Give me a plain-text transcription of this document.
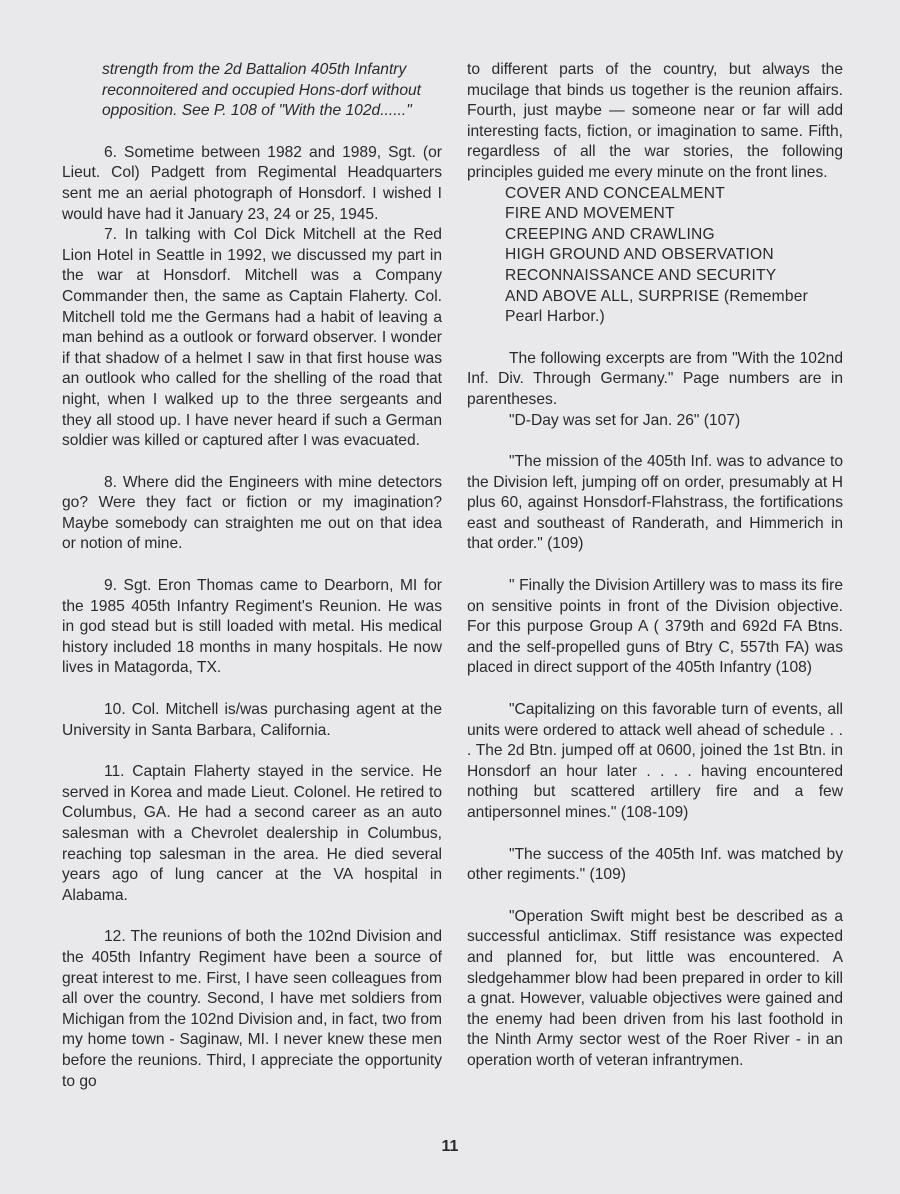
strength from the 2d Battalion 405th Infantry reconnoitered and occupied Hons-dorf without opposition. See P. 108 of "With the 102d......"

6. Sometime between 1982 and 1989, Sgt. (or Lieut. Col) Padgett from Regimental Headquarters sent me an aerial photograph of Honsdorf. I wished I would have had it January 23, 24 or 25, 1945.

7. In talking with Col Dick Mitchell at the Red Lion Hotel in Seattle in 1992, we discussed my part in the war at Honsdorf. Mitchell was a Company Commander then, the same as Captain Flaherty. Col. Mitchell told me the Germans had a habit of leaving a man behind as a outlook or forward observer. I wonder if that shadow of a helmet I saw in that first house was an outlook who called for the shelling of the road that night, when I walked up to the three sergeants and they all stood up. I have never heard if such a German soldier was killed or captured after I was evacuated.

8. Where did the Engineers with mine detectors go? Were they fact or fiction or my imagination? Maybe somebody can straighten me out on that idea or notion of mine.

9. Sgt. Eron Thomas came to Dearborn, MI for the 1985 405th Infantry Regiment's Reunion. He was in god stead but is still loaded with metal. His medical history included 18 months in many hospitals. He now lives in Matagorda, TX.

10. Col. Mitchell is/was purchasing agent at the University in Santa Barbara, California.

11. Captain Flaherty stayed in the service. He served in Korea and made Lieut. Colonel. He retired to Columbus, GA. He had a second career as an auto salesman with a Chevrolet dealership in Columbus, reaching top salesman in the area. He died several years ago of lung cancer at the VA hospital in Alabama.

12. The reunions of both the 102nd Division and the 405th Infantry Regiment have been a source of great interest to me. First, I have seen colleagues from all over the country. Second, I have met soldiers from Michigan from the 102nd Division and, in fact, two from my home town - Saginaw, MI. I never knew these men before the reunions. Third, I appreciate the opportunity to go

to different parts of the country, but always the mucilage that binds us together is the reunion affairs. Fourth, just maybe — someone near or far will add interesting facts, fiction, or imagination to same. Fifth, regardless of all the war stories, the following principles guided me every minute on the front lines.

COVER AND CONCEALMENT
FIRE AND MOVEMENT
CREEPING AND CRAWLING
HIGH GROUND AND OBSERVATION
RECONNAISSANCE AND SECURITY
AND ABOVE ALL, SURPRISE (Remember Pearl Harbor.)

The following excerpts are from "With the 102nd Inf. Div. Through Germany." Page numbers are in parentheses.

"D-Day was set for Jan. 26" (107)

"The mission of the 405th Inf. was to advance to the Division left, jumping off on order, presumably at H plus 60, against Honsdorf-Flahstrass, the fortifications east and southeast of Randerath, and Himmerich in that order." (109)

" Finally the Division Artillery was to mass its fire on sensitive points in front of the Division objective. For this purpose Group A ( 379th and 692d FA Btns. and the self-propelled guns of Btry C, 557th FA) was placed in direct support of the 405th Infantry (108)

"Capitalizing on this favorable turn of events, all units were ordered to attack well ahead of schedule . . . The 2d Btn. jumped off at 0600, joined the 1st Btn. in Honsdorf an hour later . . . . having encountered nothing but scattered artillery fire and a few antipersonnel mines." (108-109)

"The success of the 405th Inf. was matched by other regiments." (109)

"Operation Swift might best be described as a successful anticlimax. Stiff resistance was expected and planned for, but little was encountered. A sledgehammer blow had been prepared in order to kill a gnat. However, valuable objectives were gained and the enemy had been driven from his last foothold in the Ninth Army sector west of the Roer River - in an operation worth of veteran infrantrymen.

11
